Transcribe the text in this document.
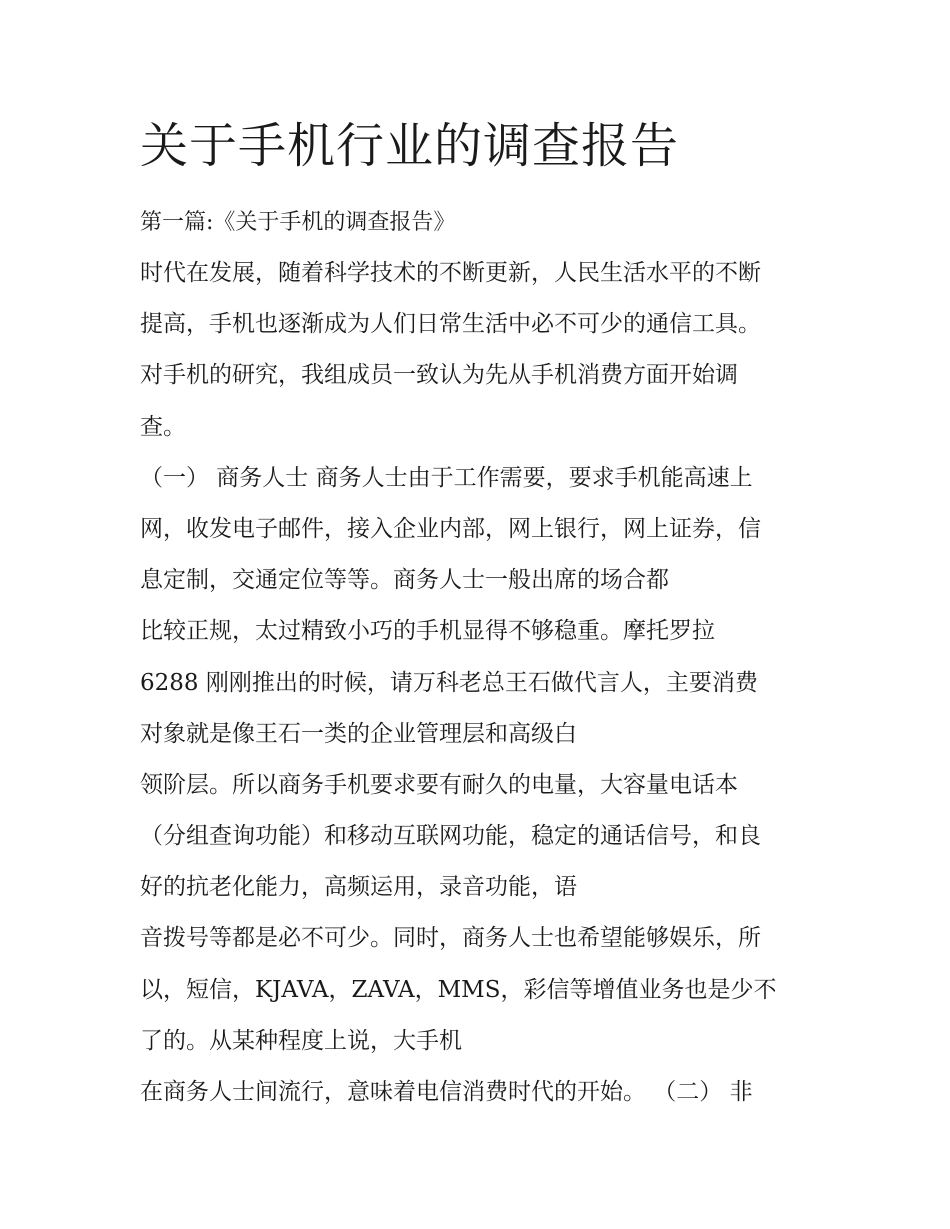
关于手机行业的调查报告
第一篇:《关于手机的调查报告》
时代在发展，随着科学技术的不断更新，人民生活水平的不断
提高，手机也逐渐成为人们日常生活中必不可少的通信工具。
对手机的研究，我组成员一致认为先从手机消费方面开始调
查。
（一） 商务人士 商务人士由于工作需要，要求手机能高速上
网，收发电子邮件，接入企业内部，网上银行，网上证券，信
息定制，交通定位等等。商务人士一般出席的场合都
比较正规，太过精致小巧的手机显得不够稳重。摩托罗拉
6288 刚刚推出的时候，请万科老总王石做代言人，主要消费
对象就是像王石一类的企业管理层和高级白
领阶层。所以商务手机要求要有耐久的电量，大容量电话本
（分组查询功能）和移动互联网功能，稳定的通话信号，和良
好的抗老化能力，高频运用，录音功能，语
音拨号等都是必不可少。同时，商务人士也希望能够娱乐，所
以，短信，KJAVA，ZAVA，MMS，彩信等增值业务也是少不
了的。从某种程度上说，大手机
在商务人士间流行，意味着电信消费时代的开始。 （二） 非
